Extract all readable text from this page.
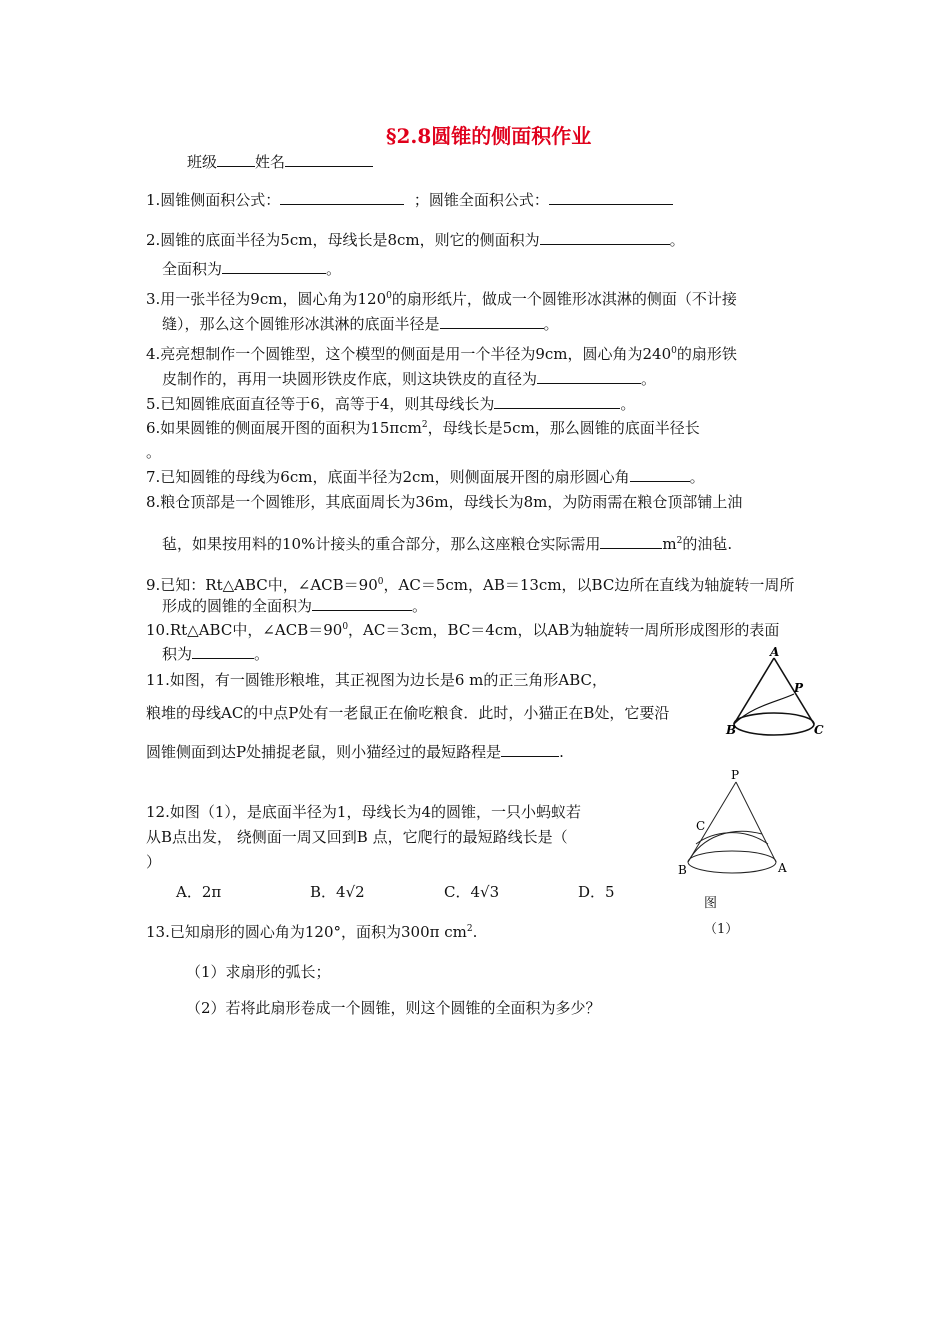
§2.8圆锥的侧面积作业
班级	姓名
1.圆锥侧面积公式：	；圆锥全面积公式：
2.圆锥的底面半径为5cm，母线长是8cm，则它的侧面积为	。
全面积为	。
3.用一张半径为9cm，圆心角为$120^0$的扇形纸片，做成一个圆锥形冰淇淋的侧面（不计接
缝），那么这个圆锥形冰淇淋的底面半径是	。
4.亮亮想制作一个圆锥型，这个模型的侧面是用一个半径为9cm，圆心角为$240^0$的扇形铁
皮制作的，再用一块圆形铁皮作底，则这块铁皮的直径为	。
5.已知圆锥底面直径等于6，高等于4，则其母线长为	。
6.如果圆锥的侧面展开图的面积为15πcm$^2$，母线长是5cm，那么圆锥的底面半径长
。
7.已知圆锥的母线为6cm，底面半径为2cm，则侧面展开图的扇形圆心角	。
8.粮仓顶部是一个圆锥形，其底面周长为36m，母线长为8m，为防雨需在粮仓顶部铺上油
毡，如果按用料的10%计接头的重合部分，那么这座粮仓实际需用	$m^2$的油毡.
9.已知：Rt△ABC中，$\angle ACB=90^0$，AC＝5cm，AB＝13cm，以BC边所在直线为轴旋转一周所
形成的圆锥的全面积为	。
10.Rt△ABC中，$\angle ACB=90^0$，AC＝3cm，BC＝4cm，以AB为轴旋转一周所形成图形的表面
积为	。
11.如图，有一圆锥形粮堆，其正视图为边长是6 m的正三角形ABC，
粮堆的母线AC的中点P处有一老鼠正在偷吃粮食．此时，小猫正在B处，它要沿
圆锥侧面到达P处捕捉老鼠，则小猫经过的最短路程是	.
A
P
B	C
12.如图（1），是底面半径为1，母线长为4的圆锥，一只小蚂蚁若
从B点出发， 绕侧面一周又回到B 点，它爬行的最短路线长是（
）
A．2π	B．4√2	C．4√3	D．5
P
C
B	A
图
（1）
13.已知扇形的圆心角为120°，面积为300π $cm^2$.
（1）求扇形的弧长；
（2）若将此扇形卷成一个圆锥，则这个圆锥的全面积为多少？
